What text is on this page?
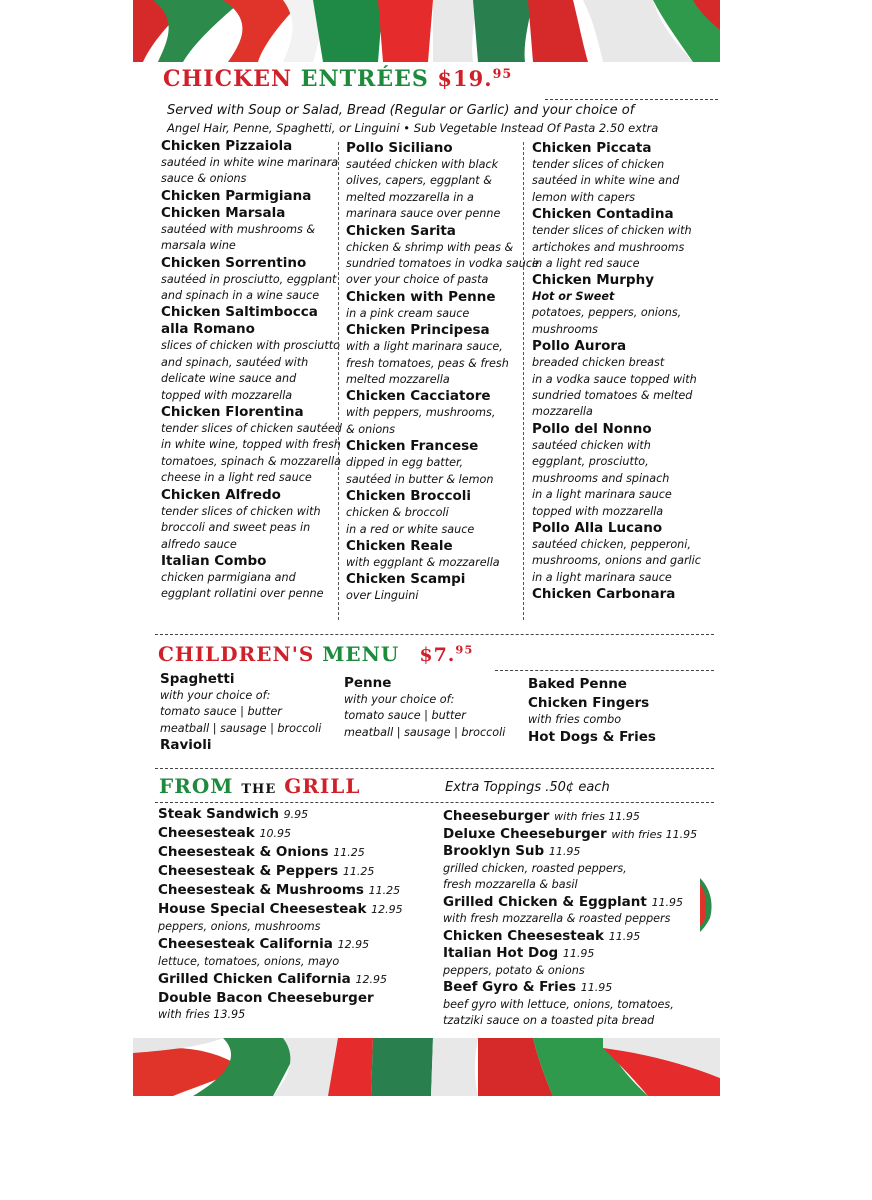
CHICKEN ENTRÉES $19.95
Served with Soup or Salad, Bread (Regular or Garlic) and your choice of
Angel Hair, Penne, Spaghetti, or Linguini • Sub Vegetable Instead Of Pasta 2.50 extra
Chicken Pizzaiola
sautéed in white wine marinara
sauce & onions
Chicken Parmigiana
Chicken Marsala
sautéed with mushrooms &
marsala wine
Chicken Sorrentino
sautéed in prosciutto, eggplant
and spinach in a wine sauce
Chicken Saltimbocca
alla Romano
slices of chicken with prosciutto
and spinach, sautéed with
delicate wine sauce and
topped with mozzarella
Chicken Florentina
tender slices of chicken sautéed
in white wine, topped with fresh
tomatoes, spinach & mozzarella
cheese in a light red sauce
Chicken Alfredo
tender slices of chicken with
broccoli and sweet peas in
alfredo sauce
Italian Combo
chicken parmigiana and
eggplant rollatini over penne
Pollo Siciliano
sautéed chicken with black
olives, capers, eggplant &
melted mozzarella in a
marinara sauce over penne
Chicken Sarita
chicken & shrimp with peas &
sundried tomatoes in vodka sauce
over your choice of pasta
Chicken with Penne
in a pink cream sauce
Chicken Principesa
with a light marinara sauce,
fresh tomatoes, peas & fresh
melted mozzarella
Chicken Cacciatore
with peppers, mushrooms,
& onions
Chicken Francese
dipped in egg batter,
sautéed in butter & lemon
Chicken Broccoli
chicken & broccoli
in a red or white sauce
Chicken Reale
with eggplant & mozzarella
Chicken Scampi
over Linguini
Chicken Piccata
tender slices of chicken
sautéed in white wine and
lemon with capers
Chicken Contadina
tender slices of chicken with
artichokes and mushrooms
in a light red sauce
Chicken Murphy
Hot or Sweet
potatoes, peppers, onions,
mushrooms
Pollo Aurora
breaded chicken breast
in a vodka sauce topped with
sundried tomatoes & melted
mozzarella
Pollo del Nonno
sautéed chicken with
eggplant, prosciutto,
mushrooms and spinach
in a light marinara sauce
topped with mozzarella
Pollo Alla Lucano
sautéed chicken, pepperoni,
mushrooms, onions and garlic
in a light marinara sauce
Chicken Carbonara
CHILDREN'S MENU $7.95
Spaghetti
with your choice of:
tomato sauce | butter
meatball | sausage | broccoli
Ravioli
Penne
with your choice of:
tomato sauce | butter
meatball | sausage | broccoli
Baked Penne
Chicken Fingers
with fries combo
Hot Dogs & Fries
FROM THE GRILL	Extra Toppings .50¢ each
Steak Sandwich 9.95
Cheesesteak 10.95
Cheesesteak & Onions 11.25
Cheesesteak & Peppers 11.25
Cheesesteak & Mushrooms 11.25
House Special Cheesesteak 12.95
peppers, onions, mushrooms
Cheesesteak California 12.95
lettuce, tomatoes, onions, mayo
Grilled Chicken California 12.95
Double Bacon Cheeseburger
with fries 13.95
Cheeseburger with fries 11.95
Deluxe Cheeseburger with fries 11.95
Brooklyn Sub 11.95
grilled chicken, roasted peppers,
fresh mozzarella & basil
Grilled Chicken & Eggplant 11.95
with fresh mozzarella & roasted peppers
Chicken Cheesesteak 11.95
Italian Hot Dog 11.95
peppers, potato & onions
Beef Gyro & Fries 11.95
beef gyro with lettuce, onions, tomatoes,
tzatziki sauce on a toasted pita bread
